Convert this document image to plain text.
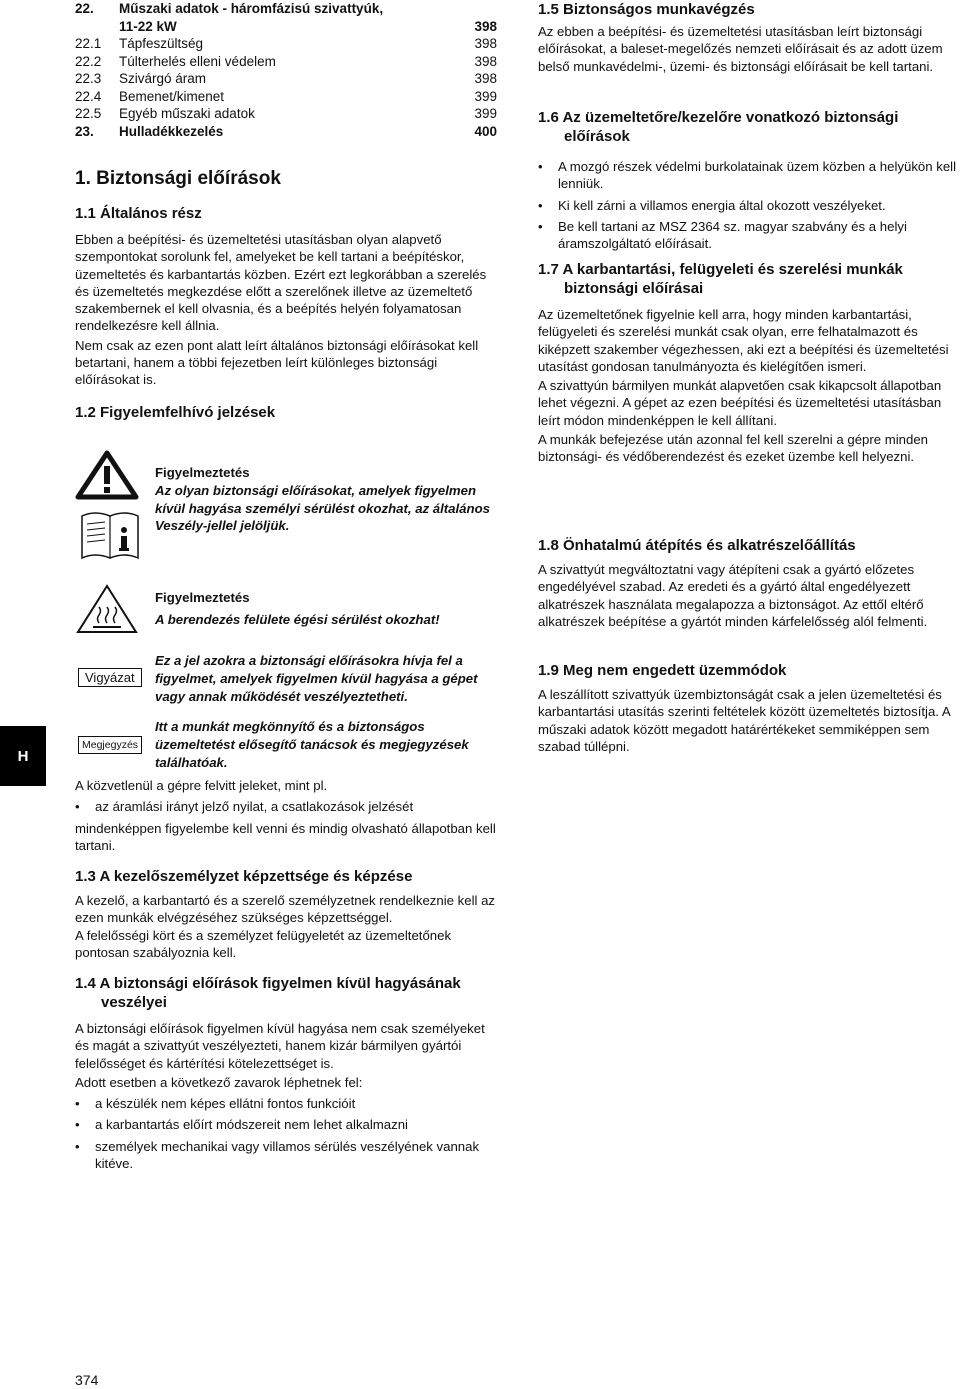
H
22.	Műszaki adatok - háromfázisú szivattyúk,
11-22 kW	398
22.1	Tápfeszültség	398
22.2	Túlterhelés elleni védelem	398
22.3	Szivárgó áram	398
22.4	Bemenet/kimenet	399
22.5	Egyéb műszaki adatok	399
23.	Hulladékkezelés	400
1. Biztonsági előírások
1.1 Általános rész

Ebben a beépítési- és üzemeltetési utasításban olyan alapvető szempontokat sorolunk fel, amelyeket be kell tartani a beépítéskor, üzemeltetés és karbantartás közben. Ezért ezt legkorábban a szerelés és üzemeltetés megkezdése előtt a szerelőnek illetve az üzemeltető szakembernek el kell olvasnia, és a beépítés helyén folyamatosan rendelkezésre kell állnia.

Nem csak az ezen pont alatt leírt általános biztonsági előírásokat kell betartani, hanem a többi fejezetben leírt különleges biztonsági előírásokat is.

1.2 Figyelemfelhívó jelzések
Figyelmeztetés
Az olyan biztonsági előírásokat, amelyek figyelmen kívül hagyása személyi sérülést okozhat, az általános Veszély-jellel jelöljük.
Figyelmeztetés
A berendezés felülete égési sérülést okozhat!
Vigyázat
Ez a jel azokra a biztonsági előírásokra hívja fel a figyelmet, amelyek figyelmen kívül hagyása a gépet vagy annak működését veszélyeztetheti.
Megjegyzés
Itt a munkát megkönnyítő és a biztonságos üzemeltetést elősegítő tanácsok és megjegyzések találhatóak.

A közvetlenül a gépre felvitt jeleket, mint pl.

• az áramlási irányt jelző nyilat, a csatlakozások jelzését

mindenképpen figyelembe kell venni és mindig olvasható állapotban kell tartani.

1.3 A kezelőszemélyzet képzettsége és képzése

A kezelő, a karbantartó és a szerelő személyzetnek rendelkeznie kell az ezen munkák elvégzéséhez szükséges képzettséggel.

A felelősségi kört és a személyzet felügyeletét az üzemeltetőnek pontosan szabályoznia kell.

1.4 A biztonsági előírások figyelmen kívül hagyásának
veszélyei

A biztonsági előírások figyelmen kívül hagyása nem csak személyeket és magát a szivattyút veszélyezteti, hanem kizár bármilyen gyártói felelősséget és kártérítési kötelezettséget is.

Adott esetben a következő zavarok léphetnek fel:

• a készülék nem képes ellátni fontos funkcióit
• a karbantartás előírt módszereit nem lehet alkalmazni
• személyek mechanikai vagy villamos sérülés veszélyének vannak kitéve.
1.5 Biztonságos munkavégzés

Az ebben a beépítési- és üzemeltetési utasításban leírt biztonsági előírásokat, a baleset-megelőzés nemzeti előírásait és az adott üzem belső munkavédelmi-, üzemi- és biztonsági előírásait be kell tartani.

1.6 Az üzemeltetőre/kezelőre vonatkozó biztonsági
előírások
• A mozgó részek védelmi burkolatainak üzem közben a helyükön kell lenniük.
• Ki kell zárni a villamos energia által okozott veszélyeket.
• Be kell tartani az MSZ 2364 sz. magyar szabvány és a helyi áramszolgáltató előírásait.
1.7 A karbantartási, felügyeleti és szerelési munkák
biztonsági előírásai

Az üzemeltetőnek figyelnie kell arra, hogy minden karbantartási, felügyeleti és szerelési munkát csak olyan, erre felhatalmazott és kiképzett szakember végezhessen, aki ezt a beépítési és üzemeltetési utasítást gondosan tanulmányozta és kielégítően ismeri.

A szivattyún bármilyen munkát alapvetően csak kikapcsolt állapotban lehet végezni. A gépet az ezen beépítési és üzemeltetési utasításban leírt módon mindenképpen le kell állítani.

A munkák befejezése után azonnal fel kell szerelni a gépre minden biztonsági- és védőberendezést és ezeket üzembe kell helyezni.

1.8 Önhatalmú átépítés és alkatrészelőállítás

A szivattyút megváltoztatni vagy átépíteni csak a gyártó előzetes engedélyével szabad. Az eredeti és a gyártó által engedélyezett alkatrészek használata megalapozza a biztonságot. Az ettől eltérő alkatrészek beépítése a gyártót minden kárfelelősség alól felmenti.

1.9 Meg nem engedett üzemmódok

A leszállított szivattyúk üzembiztonságát csak a jelen üzemeltetési és karbantartási utasítás szerinti feltételek között üzemeltetés biztosítja. A műszaki adatok között megadott határértékeket semmiképpen sem szabad túllépni.

374
